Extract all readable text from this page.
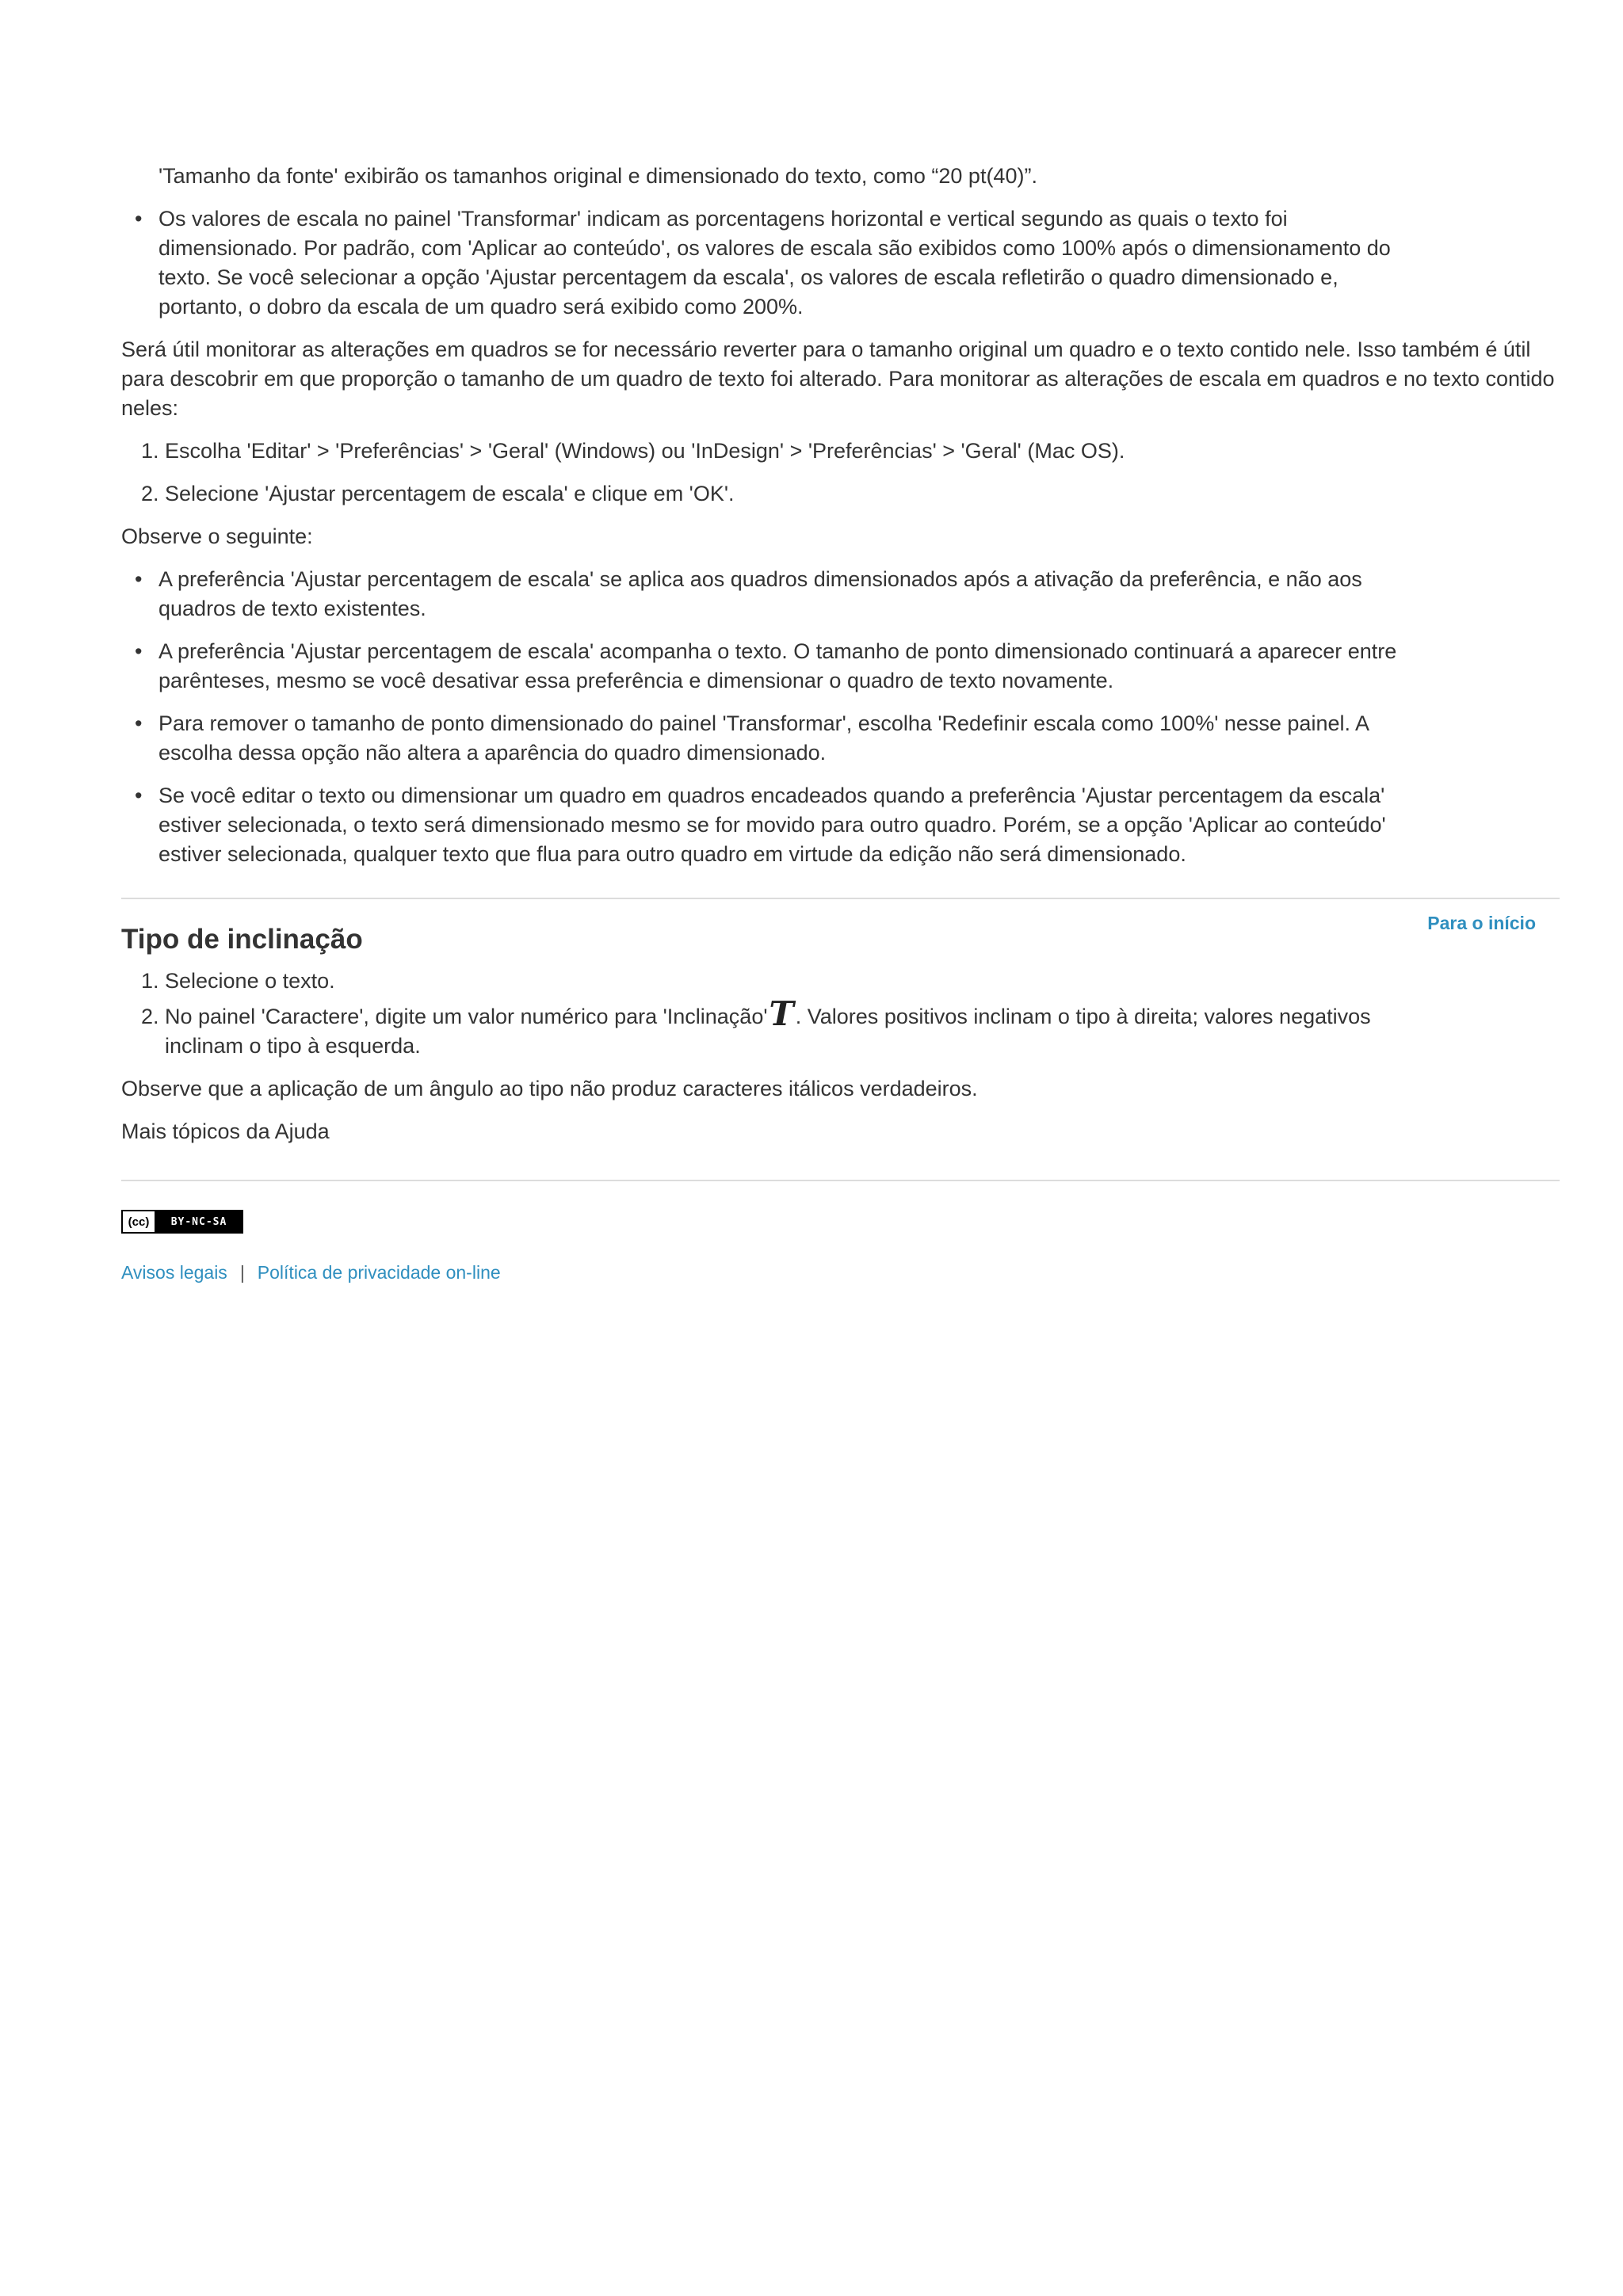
'Tamanho da fonte' exibirão os tamanhos original e dimensionado do texto, como “20 pt(40)”.

• Os valores de escala no painel 'Transformar' indicam as porcentagens horizontal e vertical segundo as quais o texto foi dimensionado. Por padrão, com 'Aplicar ao conteúdo', os valores de escala são exibidos como 100% após o dimensionamento do texto. Se você selecionar a opção 'Ajustar percentagem da escala', os valores de escala refletirão o quadro dimensionado e, portanto, o dobro da escala de um quadro será exibido como 200%.

Será útil monitorar as alterações em quadros se for necessário reverter para o tamanho original um quadro e o texto contido nele. Isso também é útil para descobrir em que proporção o tamanho de um quadro de texto foi alterado. Para monitorar as alterações de escala em quadros e no texto contido neles:

1. Escolha 'Editar' > 'Preferências' > 'Geral' (Windows) ou 'InDesign' > 'Preferências' > 'Geral' (Mac OS).
2. Selecione 'Ajustar percentagem de escala' e clique em 'OK'.

Observe o seguinte:

• A preferência 'Ajustar percentagem de escala' se aplica aos quadros dimensionados após a ativação da preferência, e não aos quadros de texto existentes.
• A preferência 'Ajustar percentagem de escala' acompanha o texto. O tamanho de ponto dimensionado continuará a aparecer entre parênteses, mesmo se você desativar essa preferência e dimensionar o quadro de texto novamente.
• Para remover o tamanho de ponto dimensionado do painel 'Transformar', escolha 'Redefinir escala como 100%' nesse painel. A escolha dessa opção não altera a aparência do quadro dimensionado.
• Se você editar o texto ou dimensionar um quadro em quadros encadeados quando a preferência 'Ajustar percentagem da escala' estiver selecionada, o texto será dimensionado mesmo se for movido para outro quadro. Porém, se a opção 'Aplicar ao conteúdo' estiver selecionada, qualquer texto que flua para outro quadro em virtude da edição não será dimensionado.
Tipo de inclinação
Para o início
1. Selecione o texto.
2. No painel 'Caractere', digite um valor numérico para 'Inclinação'T. Valores positivos inclinam o tipo à direita; valores negativos inclinam o tipo à esquerda.

Observe que a aplicação de um ângulo ao tipo não produz caracteres itálicos verdadeiros.

Mais tópicos da Ajuda

(cc)	BY-NC-SA
Avisos legais | Política de privacidade on-line
